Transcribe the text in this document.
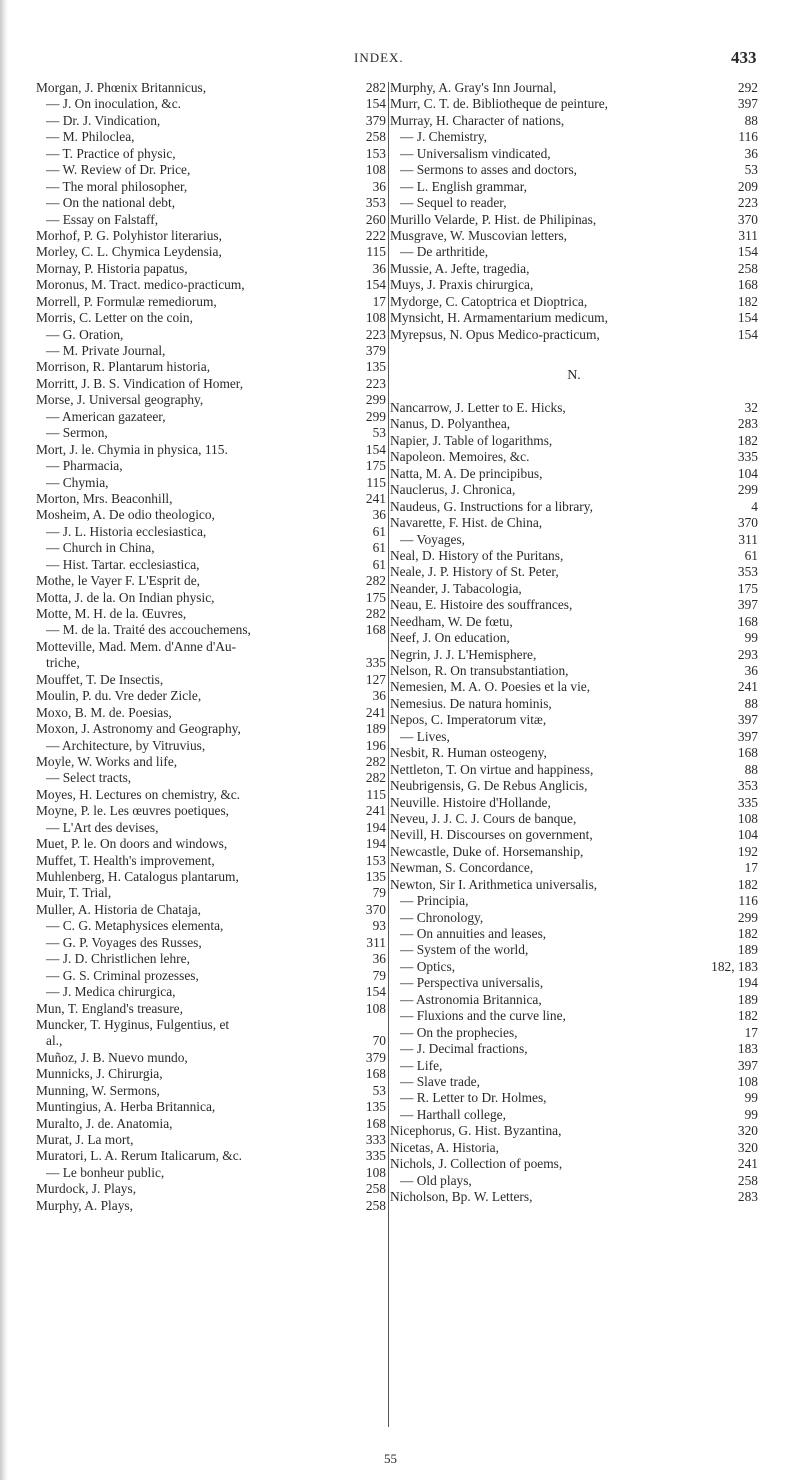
INDEX.	433
Morgan, J. Phœnix Britannicus,	282
— J. On inoculation, &c.	154
— Dr. J. Vindication,	379
— M. Philoclea,	258
— T. Practice of physic,	153
— W. Review of Dr. Price,	108
— The moral philosopher,	36
— On the national debt,	353
— Essay on Falstaff,	260
Morhof, P. G. Polyhistor literarius,	222
Morley, C. L. Chymica Leydensia,	115
Mornay, P. Historia papatus,	36
Moronus, M. Tract. medico-practicum,	154
Morrell, P. Formulæ remediorum,	17
Morris, C. Letter on the coin,	108
— G. Oration,	223
— M. Private Journal,	379
Morrison, R. Plantarum historia,	135
Morritt, J. B. S. Vindication of Homer,	223
Morse, J. Universal geography,	299
— American gazateer,	299
— Sermon,	53
Mort, J. le. Chymia in physica, 115.	154
— Pharmacia,	175
— Chymia,	115
Morton, Mrs. Beaconhill,	241
Mosheim, A. De odio theologico,	36
— J. L. Historia ecclesiastica,	61
— Church in China,	61
— Hist. Tartar. ecclesiastica,	61
Mothe, le Vayer F. L'Esprit de,	282
Motta, J. de la. On Indian physic,	175
Motte, M. H. de la. Œuvres,	282
— M. de la. Traité des accouchemens,	168
Motteville, Mad. Mem. d'Anne d'Au-
triche,	335
Mouffet, T. De Insectis,	127
Moulin, P. du. Vre deder Zicle,	36
Moxo, B. M. de. Poesias,	241
Moxon, J. Astronomy and Geography,	189
— Architecture, by Vitruvius,	196
Moyle, W. Works and life,	282
— Select tracts,	282
Moyes, H. Lectures on chemistry, &c.	115
Moyne, P. le. Les œuvres poetiques,	241
— L'Art des devises,	194
Muet, P. le. On doors and windows,	194
Muffet, T. Health's improvement,	153
Muhlenberg, H. Catalogus plantarum,	135
Muir, T. Trial,	79
Muller, A. Historia de Chataja,	370
— C. G. Metaphysices elementa,	93
— G. P. Voyages des Russes,	311
— J. D. Christlichen lehre,	36
— G. S. Criminal prozesses,	79
— J. Medica chirurgica,	154
Mun, T. England's treasure,	108
Muncker, T. Hyginus, Fulgentius, et
al.,	70
Muñoz, J. B. Nuevo mundo,	379
Munnicks, J. Chirurgia,	168
Munning, W. Sermons,	53
Muntingius, A. Herba Britannica,	135
Muralto, J. de. Anatomia,	168
Murat, J. La mort,	333
Muratori, L. A. Rerum Italicarum, &c.	335
— Le bonheur public,	108
Murdock, J. Plays,	258
Murphy, A. Plays,	258
Murphy, A. Gray's Inn Journal,	292
Murr, C. T. de. Bibliotheque de peinture,	397
Murray, H. Character of nations,	88
— J. Chemistry,	116
— Universalism vindicated,	36
— Sermons to asses and doctors,	53
— L. English grammar,	209
— Sequel to reader,	223
Murillo Velarde, P. Hist. de Philipinas,	370
Musgrave, W. Muscovian letters,	311
— De arthritide,	154
Mussie, A. Jefte, tragedia,	258
Muys, J. Praxis chirurgica,	168
Mydorge, C. Catoptrica et Dioptrica,	182
Mynsicht, H. Armamentarium medicum,	154
Myrepsus, N. Opus Medico-practicum,	154
N.
Nancarrow, J. Letter to E. Hicks,	32
Nanus, D. Polyanthea,	283
Napier, J. Table of logarithms,	182
Napoleon. Memoires, &c.	335
Natta, M. A. De principibus,	104
Nauclerus, J. Chronica,	299
Naudeus, G. Instructions for a library,	4
Navarette, F. Hist. de China,	370
— Voyages,	311
Neal, D. History of the Puritans,	61
Neale, J. P. History of St. Peter,	353
Neander, J. Tabacologia,	175
Neau, E. Histoire des souffrances,	397
Needham, W. De fœtu,	168
Neef, J. On education,	99
Negrin, J. J. L'Hemisphere,	293
Nelson, R. On transubstantiation,	36
Nemesien, M. A. O. Poesies et la vie,	241
Nemesius. De natura hominis,	88
Nepos, C. Imperatorum vitæ,	397
— Lives,	397
Nesbit, R. Human osteogeny,	168
Nettleton, T. On virtue and happiness,	88
Neubrigensis, G. De Rebus Anglicis,	353
Neuville. Histoire d'Hollande,	335
Neveu, J. J. C. J. Cours de banque,	108
Nevill, H. Discourses on government,	104
Newcastle, Duke of. Horsemanship,	192
Newman, S. Concordance,	17
Newton, Sir I. Arithmetica universalis,	182
— Principia,	116
— Chronology,	299
— On annuities and leases,	182
— System of the world,	189
— Optics,	182, 183
— Perspectiva universalis,	194
— Astronomia Britannica,	189
— Fluxions and the curve line,	182
— On the prophecies,	17
— J. Decimal fractions,	183
— Life,	397
— Slave trade,	108
— R. Letter to Dr. Holmes,	99
— Harthall college,	99
Nicephorus, G. Hist. Byzantina,	320
Nicetas, A. Historia,	320
Nichols, J. Collection of poems,	241
— Old plays,	258
Nicholson, Bp. W. Letters,	283
55
